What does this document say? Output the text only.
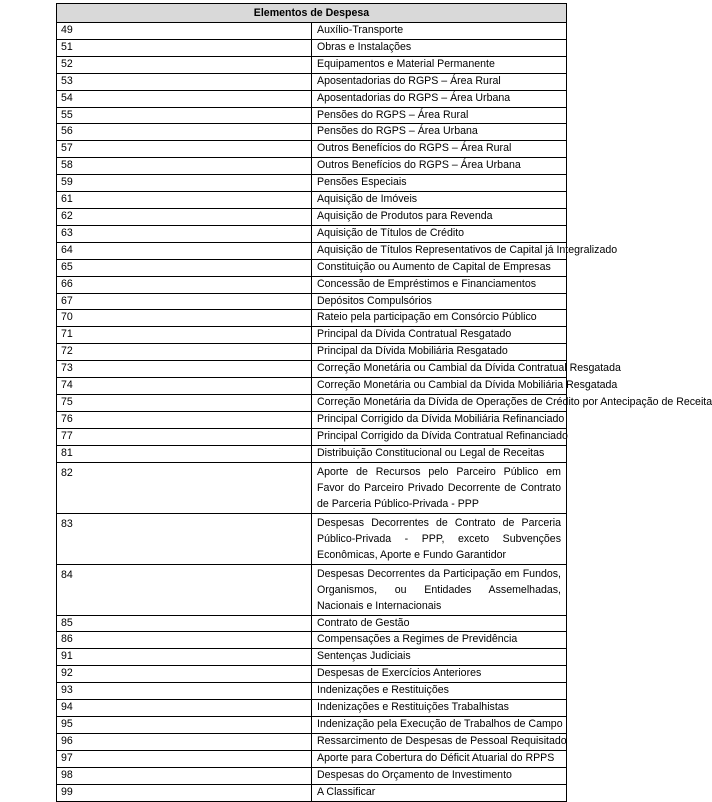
Elementos de Despesa	
49	Auxílio-Transporte
51	Obras e Instalações
52	Equipamentos e Material Permanente
53	Aposentadorias do RGPS – Área Rural
54	Aposentadorias do RGPS – Área Urbana
55	Pensões do RGPS – Área Rural
56	Pensões do RGPS – Área Urbana
57	Outros Benefícios do RGPS – Área Rural
58	Outros Benefícios do RGPS – Área Urbana
59	Pensões Especiais
61	Aquisição de Imóveis
62	Aquisição de Produtos para Revenda
63	Aquisição de Títulos de Crédito
64	Aquisição de Títulos Representativos de Capital já Integralizado
65	Constituição ou Aumento de Capital de Empresas
66	Concessão de Empréstimos e Financiamentos
67	Depósitos Compulsórios
70	Rateio pela participação em Consórcio Público
71	Principal da Dívida Contratual Resgatado
72	Principal da Dívida Mobiliária Resgatado
73	Correção Monetária ou Cambial da Dívida Contratual Resgatada
74	Correção Monetária ou Cambial da Dívida Mobiliária Resgatada
75	Correção Monetária da Dívida de Operações de Crédito por Antecipação de Receita
76	Principal Corrigido da Dívida Mobiliária Refinanciado
77	Principal Corrigido da Dívida Contratual Refinanciado
81	Distribuição Constitucional ou Legal de Receitas
82	Aporte de Recursos pelo Parceiro Público em Favor do Parceiro Privado Decorrente de Contrato de Parceria Público-Privada - PPP
83	Despesas Decorrentes de Contrato de Parceria Público-Privada - PPP, exceto Subvenções Econômicas, Aporte e Fundo Garantidor
84	Despesas Decorrentes da Participação em Fundos, Organismos, ou Entidades Assemelhadas, Nacionais e Internacionais
85	Contrato de Gestão
86	Compensações a Regimes de Previdência
91	Sentenças Judiciais
92	Despesas de Exercícios Anteriores
93	Indenizações e Restituições
94	Indenizações e Restituições Trabalhistas
95	Indenização pela Execução de Trabalhos de Campo
96	Ressarcimento de Despesas de Pessoal Requisitado
97	Aporte para Cobertura do Déficit Atuarial do RPPS
98	Despesas do Orçamento de Investimento
99	A Classificar
